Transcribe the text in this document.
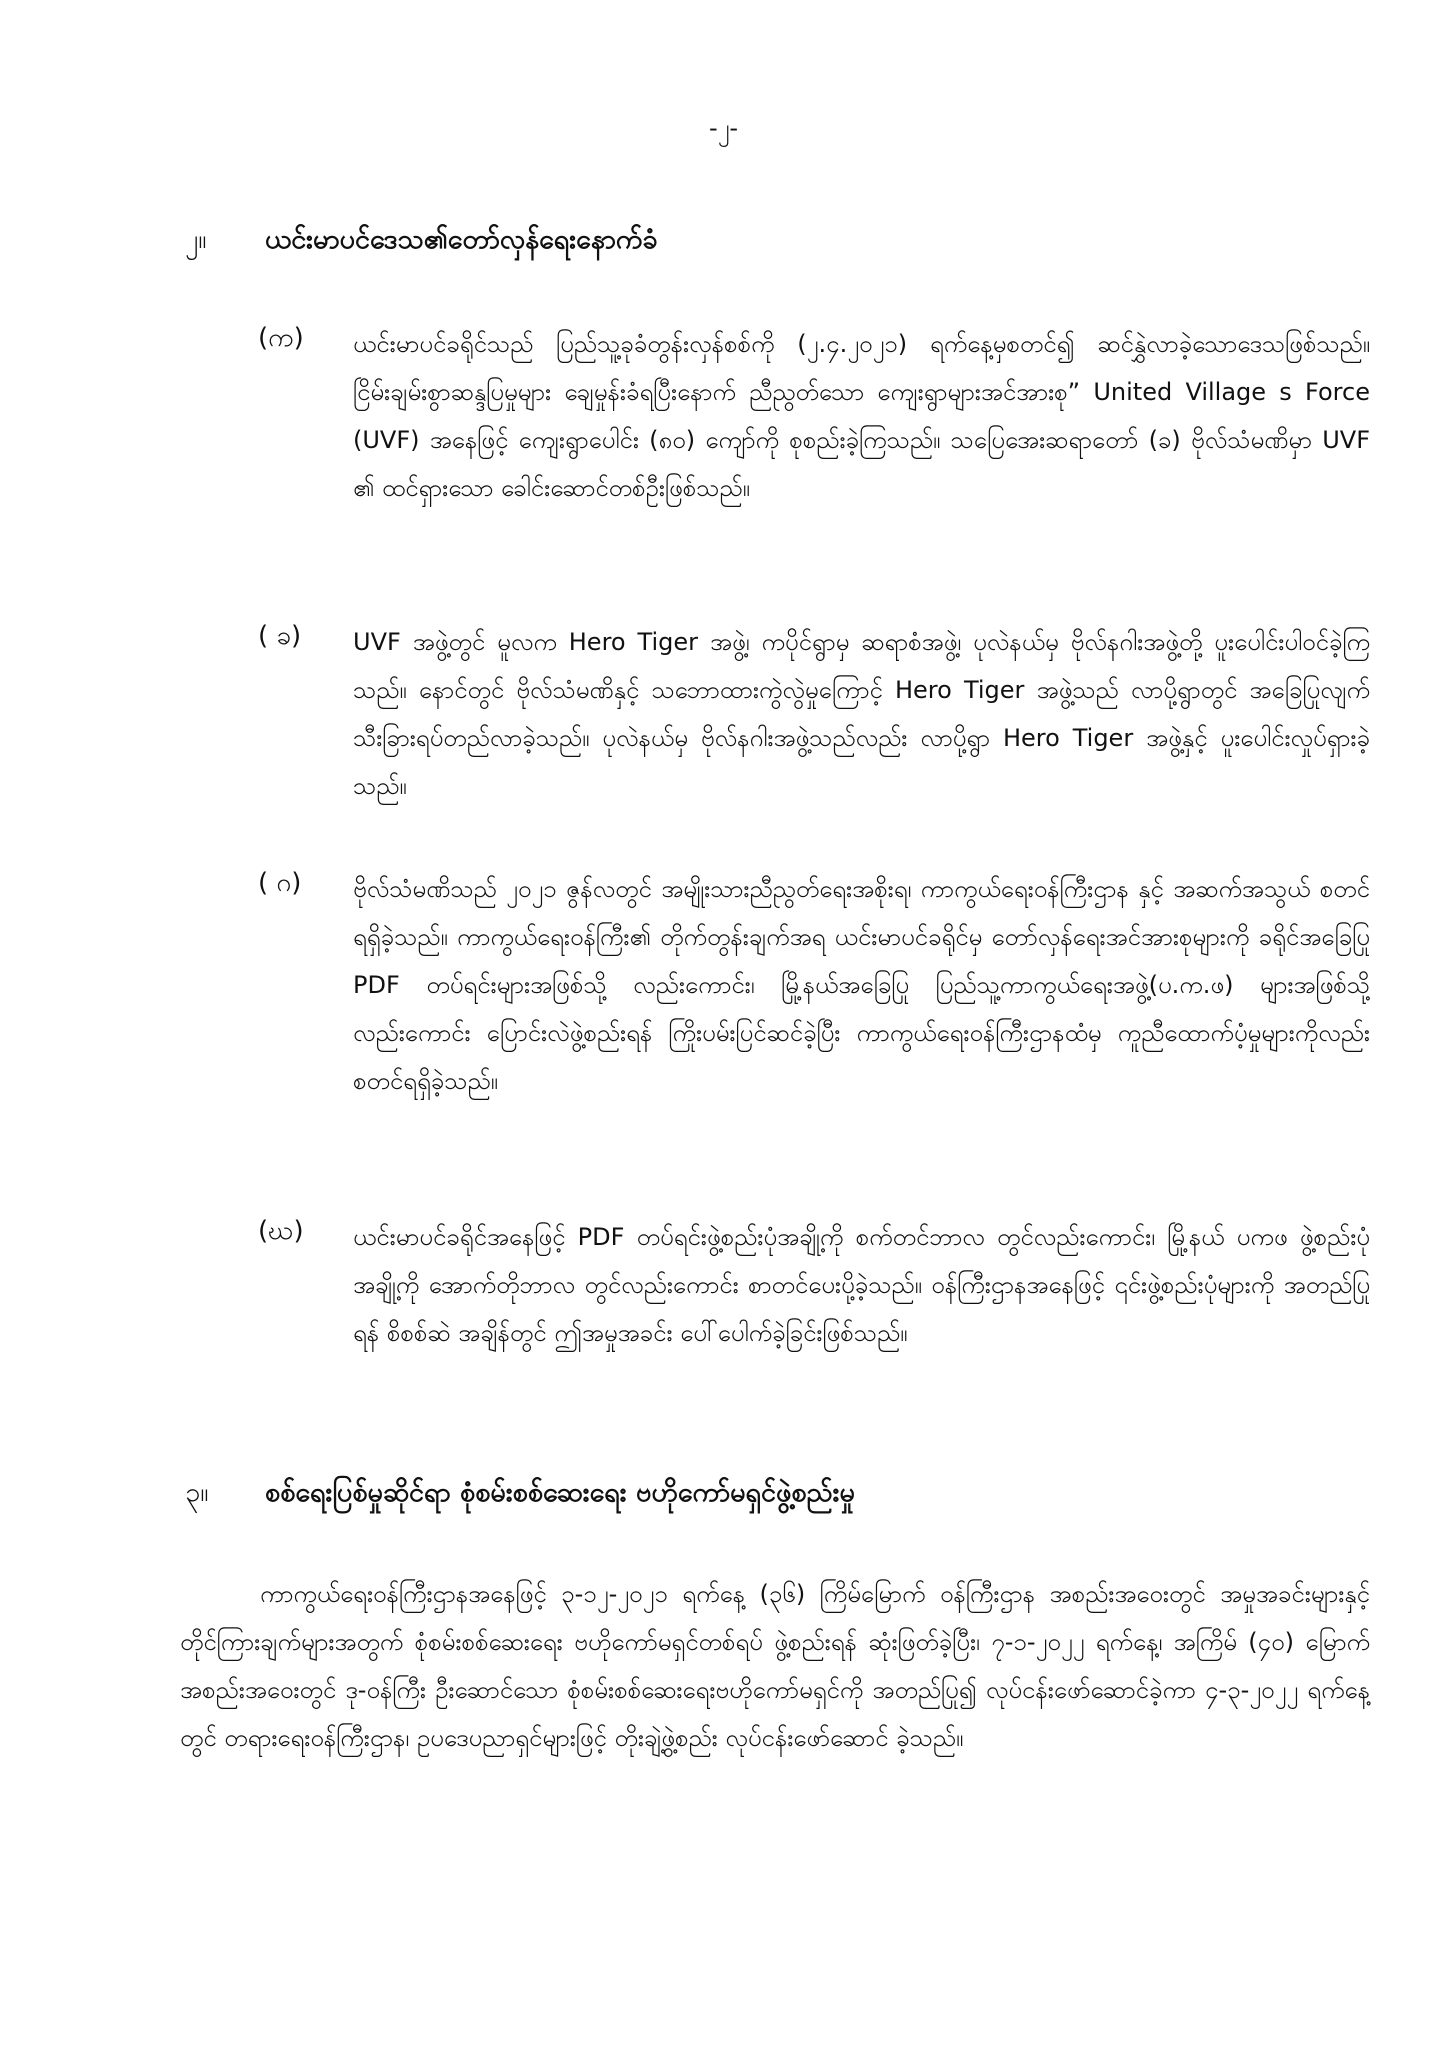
-၂-
၂။ ယင်းမာပင်ဒေသ၏တော်လှန်ရေးနောက်ခံ
(က) ယင်းမာပင်ခရိုင်သည် ပြည်သူ့ခုခံတွန်းလှန်စစ်ကို (၂.၄.၂၀၂၁) ရက်နေ့မှစတင်၍ ဆင်နွှဲလာခဲ့သောဒေသဖြစ်သည်။ ငြိမ်းချမ်းစွာဆန္ဒပြမှုများ ချေမှုန်းခံရပြီးနောက် ညီညွတ်သော ကျေးရွာများအင်အားစု” United Village s Force (UVF) အနေဖြင့် ကျေးရွာပေါင်း (၈၀) ကျော်ကို စုစည်းခဲ့ကြသည်။ သပြေအေးဆရာတော် (ခ) ဗိုလ်သံမဏိမှာ UVF ၏ ထင်ရှားသော ခေါင်းဆောင်တစ်ဦးဖြစ်သည်။
( ခ) UVF အဖွဲ့တွင် မူလက Hero Tiger အဖွဲ့၊ ကပိုင်ရွာမှ ဆရာစံအဖွဲ့၊ ပုလဲနယ်မှ ဗိုလ်နဂါးအဖွဲ့တို့ ပူးပေါင်းပါဝင်ခဲ့ကြသည်။ နောင်တွင် ဗိုလ်သံမဏိနှင့် သဘောထားကွဲလွဲမှုကြောင့် Hero Tiger အဖွဲ့သည် လာပို့ရွာတွင် အခြေပြုလျက် သီးခြားရပ်တည်လာခဲ့သည်။ ပုလဲနယ်မှ ဗိုလ်နဂါးအဖွဲ့သည်လည်း လာပို့ရွာ Hero Tiger အဖွဲ့နှင့် ပူးပေါင်းလှုပ်ရှားခဲ့သည်။
( ဂ) ဗိုလ်သံမဏိသည် ၂၀၂၁ ဇွန်လတွင် အမျိုးသားညီညွတ်ရေးအစိုးရ၊ ကာကွယ်ရေးဝန်ကြီးဌာန နှင့် အဆက်အသွယ် စတင်ရရှိခဲ့သည်။ ကာကွယ်ရေးဝန်ကြီး၏ တိုက်တွန်းချက်အရ ယင်းမာပင်ခရိုင်မှ တော်လှန်ရေးအင်အားစုများကို ခရိုင်အခြေပြု PDF တပ်ရင်းများအဖြစ်သို့ လည်းကောင်း၊ မြို့နယ်အခြေပြု ပြည်သူ့ကာကွယ်ရေးအဖွဲ့(ပ.က.ဖ) များအဖြစ်သို့ လည်းကောင်း ပြောင်းလဲဖွဲ့စည်းရန် ကြိုးပမ်းပြင်ဆင်ခဲ့ပြီး ကာကွယ်ရေးဝန်ကြီးဌာနထံမှ ကူညီထောက်ပံ့မှုများကိုလည်း စတင်ရရှိခဲ့သည်။
(ဃ) ယင်းမာပင်ခရိုင်အနေဖြင့် PDF တပ်ရင်းဖွဲ့စည်းပုံအချို့ကို စက်တင်ဘာလ တွင်လည်းကောင်း၊ မြို့နယ် ပကဖ ဖွဲ့စည်းပုံအချို့ကို အောက်တိုဘာလ တွင်လည်းကောင်း စာတင်ပေးပို့ခဲ့သည်။ ဝန်ကြီးဌာနအနေဖြင့် ၎င်းဖွဲ့စည်းပုံများကို အတည်ပြုရန် စိစစ်ဆဲ အချိန်တွင် ဤအမှုအခင်း ပေါ်ပေါက်ခဲ့ခြင်းဖြစ်သည်။
၃။ စစ်ရေးပြစ်မှုဆိုင်ရာ စုံစမ်းစစ်ဆေးရေး ဗဟိုကော်မရှင်ဖွဲ့စည်းမှု
ကာကွယ်ရေးဝန်ကြီးဌာနအနေဖြင့် ၃-၁၂-၂၀၂၁ ရက်နေ့ (၃၆) ကြိမ်မြောက် ဝန်ကြီးဌာန အစည်းအဝေးတွင် အမှုအခင်းများနှင့် တိုင်ကြားချက်များအတွက် စုံစမ်းစစ်ဆေးရေး ဗဟိုကော်မရှင်တစ်ရပ် ဖွဲ့စည်းရန် ဆုံးဖြတ်ခဲ့ပြီး၊ ၇-၁-၂၀၂၂ ရက်နေ့၊ အကြိမ် (၄၀) မြောက်အစည်းအဝေးတွင် ဒု-ဝန်ကြီး ဦးဆောင်သော စုံစမ်းစစ်ဆေးရေးဗဟိုကော်မရှင်ကို အတည်ပြု၍ လုပ်ငန်းဖော်ဆောင်ခဲ့ကာ ၄-၃-၂၀၂၂ ရက်နေ့တွင် တရားရေးဝန်ကြီးဌာန၊ ဥပဒေပညာရှင်များဖြင့် တိုးချဲ့ဖွဲ့စည်း လုပ်ငန်းဖော်ဆောင် ခဲ့သည်။
